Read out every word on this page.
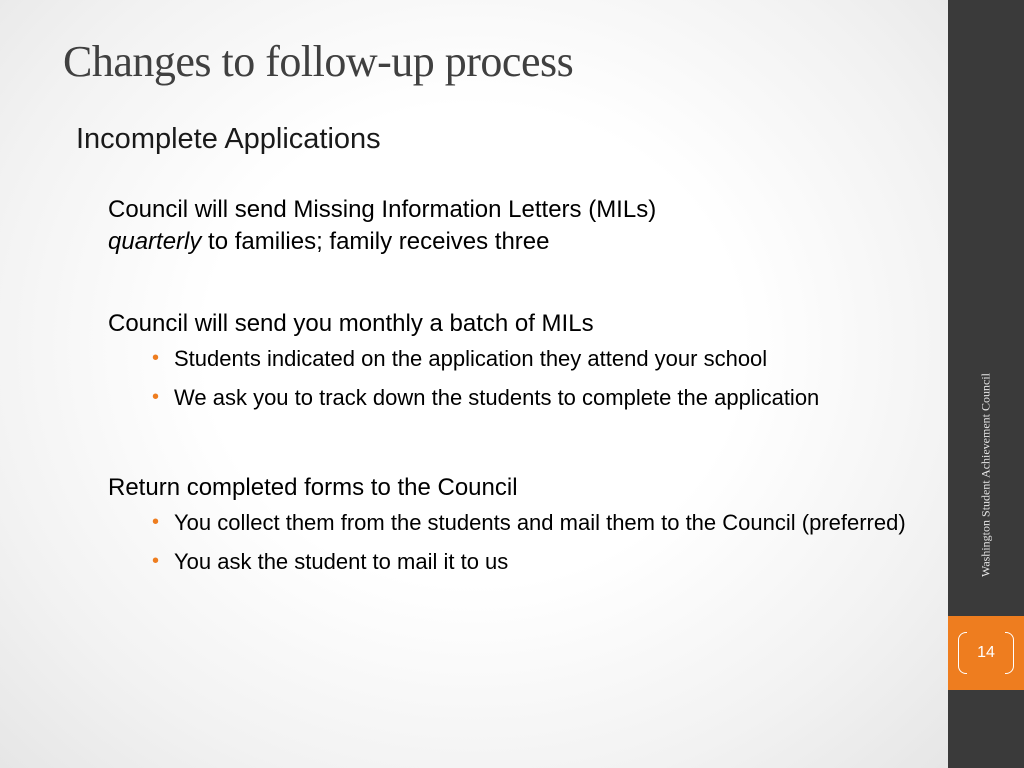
Changes to follow-up process
Incomplete Applications
Council will send Missing Information Letters (MILs)
quarterly to families; family receives three
Council will send you monthly a batch of MILs
• Students indicated on the application they attend your school
• We ask you to track down the students to complete the application
Return completed forms to the Council
• You collect them from the students and mail them to the Council (preferred)
• You ask the student to mail it to us	Washington Student Achievement Council
14
